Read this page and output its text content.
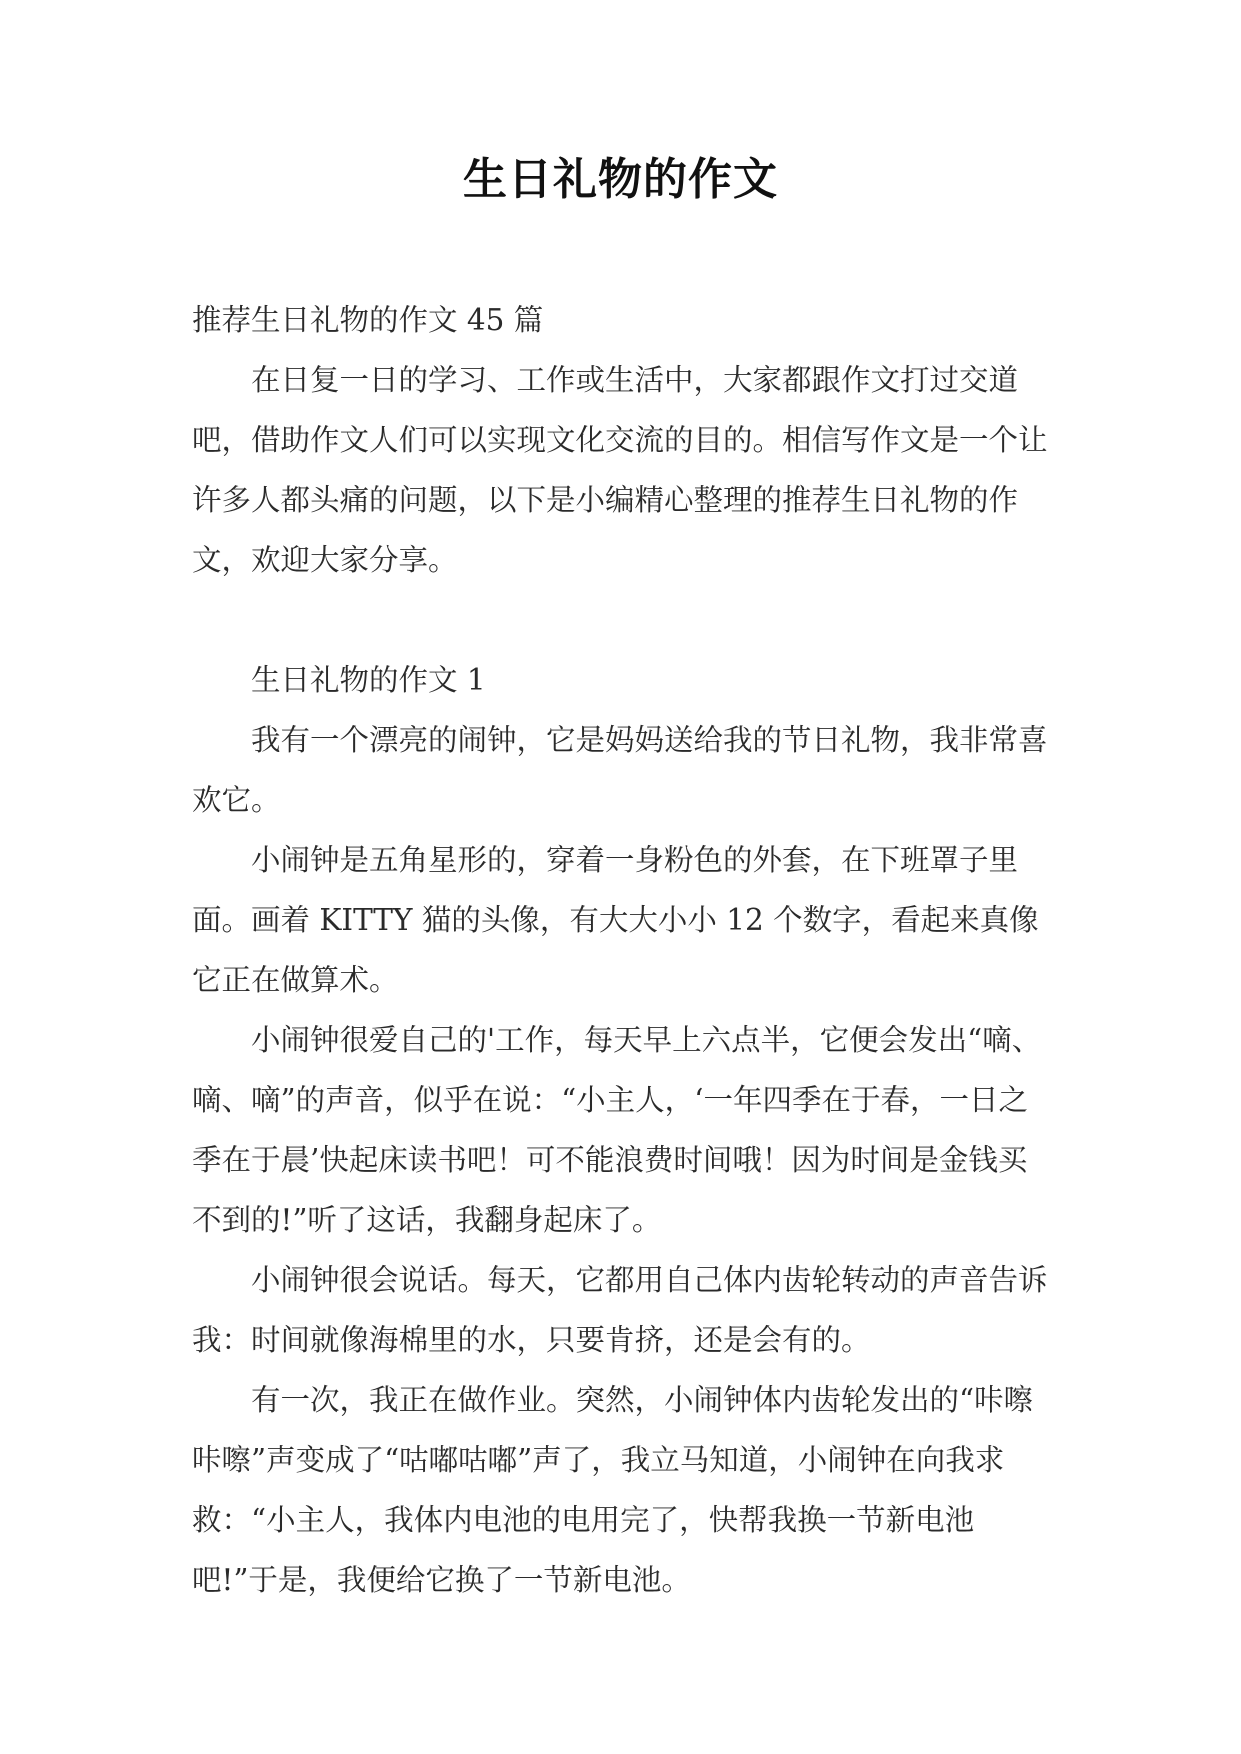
生日礼物的作文

推荐生日礼物的作文 45 篇

在日复一日的学习、工作或生活中，大家都跟作文打过交道吧，借助作文人们可以实现文化交流的目的。相信写作文是一个让许多人都头痛的问题，以下是小编精心整理的推荐生日礼物的作文，欢迎大家分享。

生日礼物的作文 1

我有一个漂亮的闹钟，它是妈妈送给我的节日礼物，我非常喜欢它。

小闹钟是五角星形的，穿着一身粉色的外套，在下班罩子里面。画着 KITTY 猫的头像，有大大小小 12 个数字，看起来真像它正在做算术。

小闹钟很爱自己的'工作，每天早上六点半，它便会发出“嘀、嘀、嘀”的声音，似乎在说：“小主人，‘一年四季在于春，一日之季在于晨’快起床读书吧！可不能浪费时间哦！因为时间是金钱买不到的!”听了这话，我翻身起床了。

小闹钟很会说话。每天，它都用自己体内齿轮转动的声音告诉我：时间就像海棉里的水，只要肯挤，还是会有的。

有一次，我正在做作业。突然，小闹钟体内齿轮发出的“咔嚓咔嚓”声变成了“咕嘟咕嘟”声了，我立马知道，小闹钟在向我求救：“小主人，我体内电池的电用完了，快帮我换一节新电池吧!”于是，我便给它换了一节新电池。
